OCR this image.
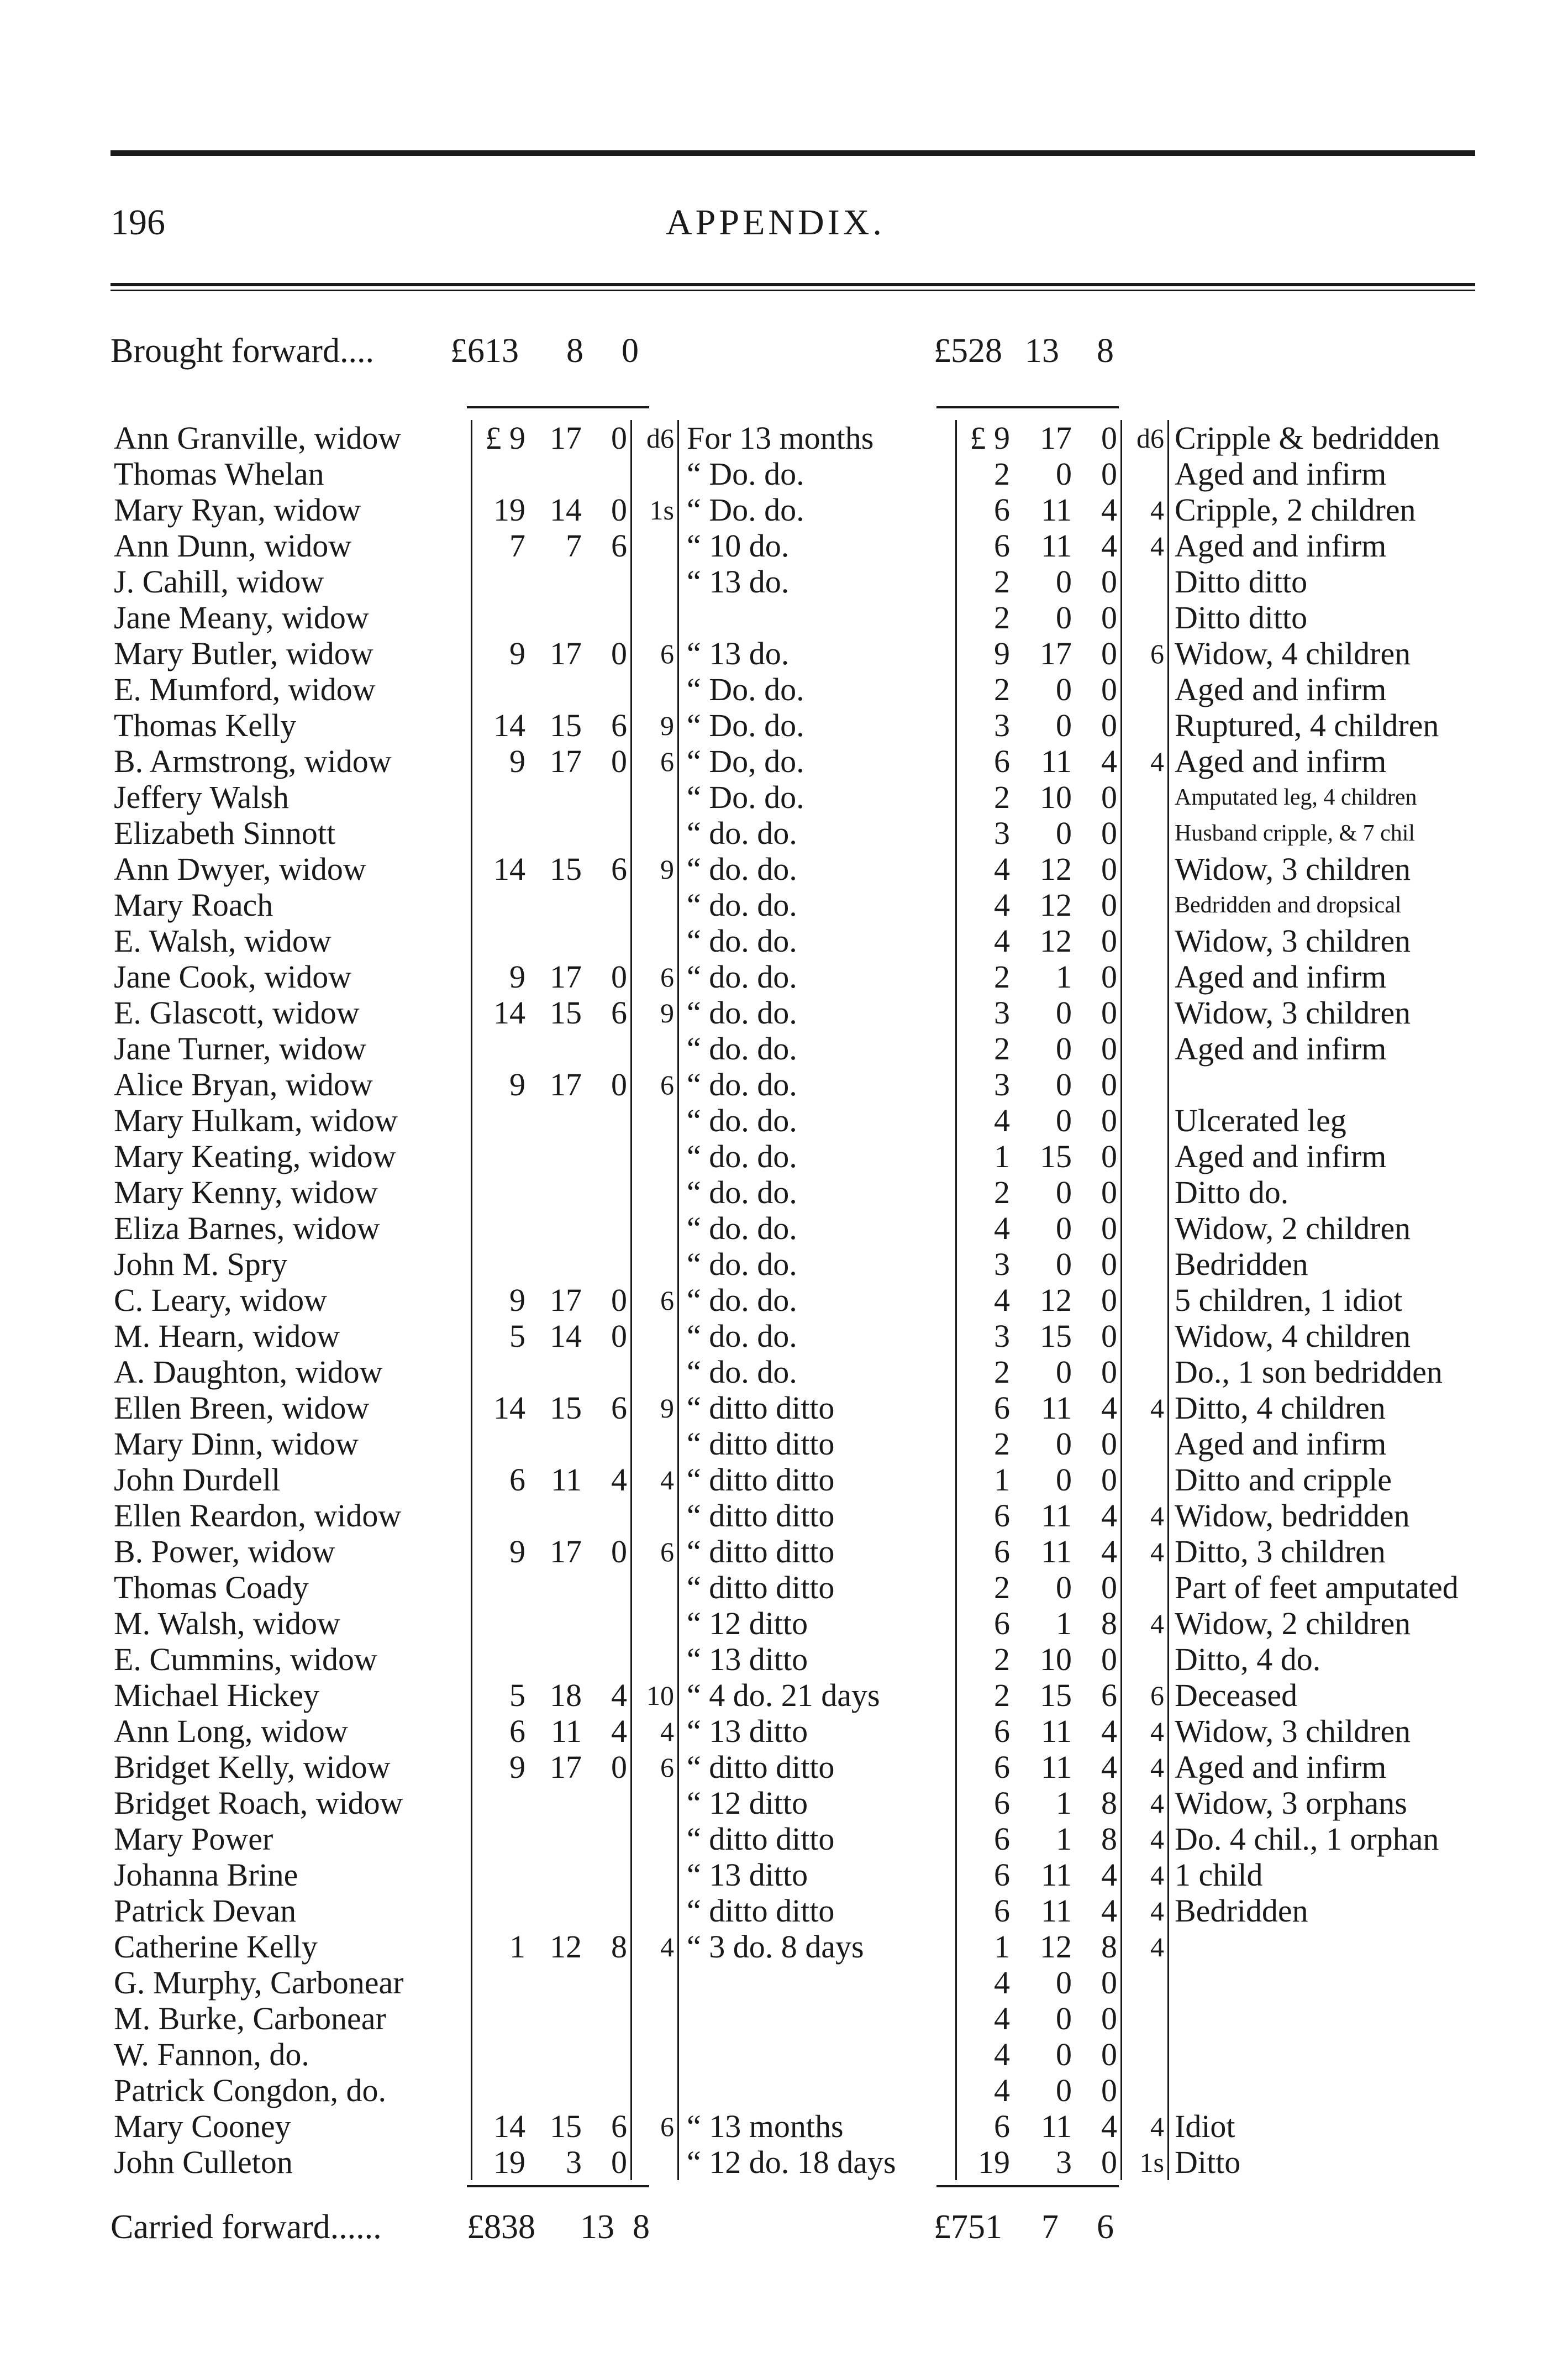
196	APPENDIX.
Brought forward.... £613 8 0	£528 13 8
Ann Granville, widow	£ 9	17	0	d6	For 13 months	£ 9	17	0	d6	Cripple & bedridden
Thomas Whelan					“ Do. do.	2	0	0		Aged and infirm
Mary Ryan, widow	19	14	0	1s	“ Do. do.	6	11	4	4	Cripple, 2 children
Ann Dunn, widow	7	7	6		“ 10 do.	6	11	4	4	Aged and infirm
J. Cahill, widow					“ 13 do.	2	0	0		Ditto ditto
Jane Meany, widow						2	0	0		Ditto ditto
Mary Butler, widow	9	17	0	6	“ 13 do.	9	17	0	6	Widow, 4 children
E. Mumford, widow					“ Do. do.	2	0	0		Aged and infirm
Thomas Kelly	14	15	6	9	“ Do. do.	3	0	0		Ruptured, 4 children
B. Armstrong, widow	9	17	0	6	“ Do, do.	6	11	4	4	Aged and infirm
Jeffery Walsh					“ Do. do.	2	10	0		Amputated leg, 4 children
Elizabeth Sinnott					“ do. do.	3	0	0		Husband cripple, & 7 chil
Ann Dwyer, widow	14	15	6	9	“ do. do.	4	12	0		Widow, 3 children
Mary Roach					“ do. do.	4	12	0		Bedridden and dropsical
E. Walsh, widow					“ do. do.	4	12	0		Widow, 3 children
Jane Cook, widow	9	17	0	6	“ do. do.	2	1	0		Aged and infirm
E. Glascott, widow	14	15	6	9	“ do. do.	3	0	0		Widow, 3 children
Jane Turner, widow					“ do. do.	2	0	0		Aged and infirm
Alice Bryan, widow	9	17	0	6	“ do. do.	3	0	0		
Mary Hulkam, widow					“ do. do.	4	0	0		Ulcerated leg
Mary Keating, widow					“ do. do.	1	15	0		Aged and infirm
Mary Kenny, widow					“ do. do.	2	0	0		Ditto do.
Eliza Barnes, widow					“ do. do.	4	0	0		Widow, 2 children
John M. Spry					“ do. do.	3	0	0		Bedridden
C. Leary, widow	9	17	0	6	“ do. do.	4	12	0		5 children, 1 idiot
M. Hearn, widow	5	14	0		“ do. do.	3	15	0		Widow, 4 children
A. Daughton, widow					“ do. do.	2	0	0		Do., 1 son bedridden
Ellen Breen, widow	14	15	6	9	“ ditto ditto	6	11	4	4	Ditto, 4 children
Mary Dinn, widow					“ ditto ditto	2	0	0		Aged and infirm
John Durdell	6	11	4	4	“ ditto ditto	1	0	0		Ditto and cripple
Ellen Reardon, widow					“ ditto ditto	6	11	4	4	Widow, bedridden
B. Power, widow	9	17	0	6	“ ditto ditto	6	11	4	4	Ditto, 3 children
Thomas Coady					“ ditto ditto	2	0	0		Part of feet amputated
M. Walsh, widow					“ 12 ditto	6	1	8	4	Widow, 2 children
E. Cummins, widow					“ 13 ditto	2	10	0		Ditto, 4 do.
Michael Hickey	5	18	4	10	“ 4 do. 21 days	2	15	6	6	Deceased
Ann Long, widow	6	11	4	4	“ 13 ditto	6	11	4	4	Widow, 3 children
Bridget Kelly, widow	9	17	0	6	“ ditto ditto	6	11	4	4	Aged and infirm
Bridget Roach, widow					“ 12 ditto	6	1	8	4	Widow, 3 orphans
Mary Power					“ ditto ditto	6	1	8	4	Do. 4 chil., 1 orphan
Johanna Brine					“ 13 ditto	6	11	4	4	1 child
Patrick Devan					“ ditto ditto	6	11	4	4	Bedridden
Catherine Kelly	1	12	8	4	“ 3 do. 8 days	1	12	8	4	
G. Murphy, Carbonear						4	0	0		
M. Burke, Carbonear						4	0	0		
W. Fannon, do.						4	0	0		
Patrick Congdon, do.						4	0	0		
Mary Cooney	14	15	6	6	“ 13 months	6	11	4	4	Idiot
John Culleton	19	3	0		“ 12 do. 18 days	19	3	0	1s	Ditto
Carried forward...... £838 13 8	£751 7 6
